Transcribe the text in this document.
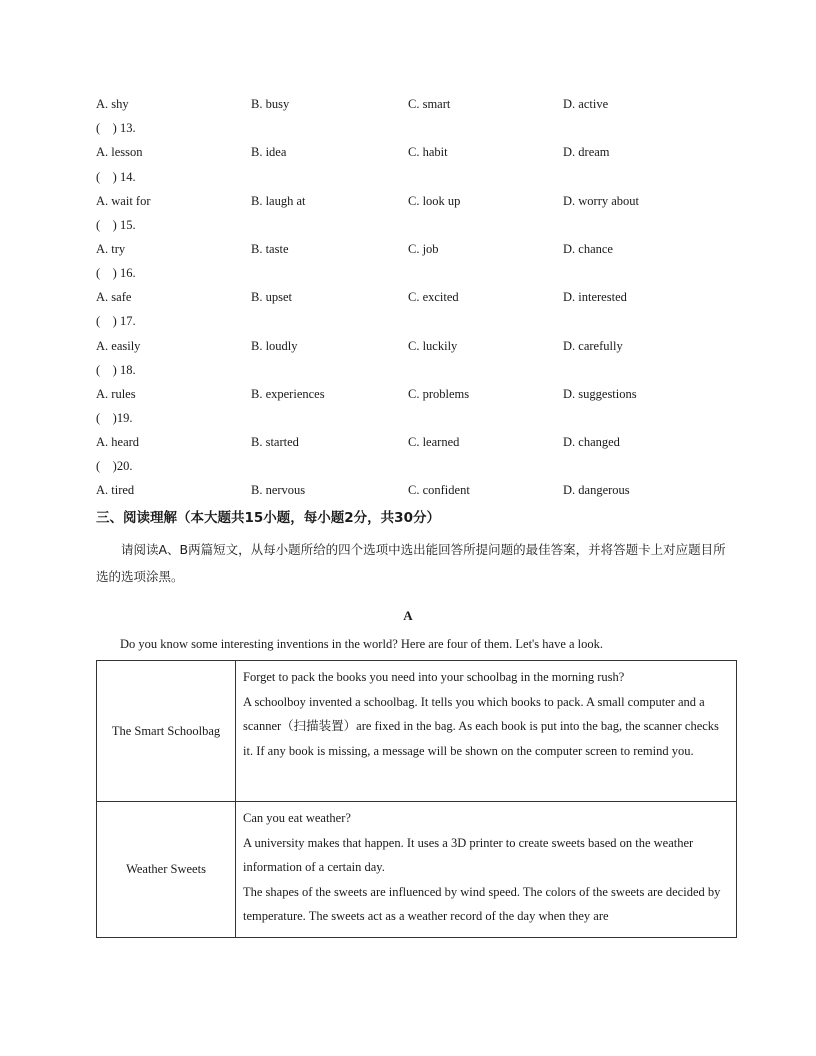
A. shy	B. busy	C. smart	D. active
(    ) 13.
A. lesson	B. idea	C. habit	D. dream
(    ) 14.
A. wait for	B. laugh at	C. look up	D. worry about
(    ) 15.
A. try	B. taste	C. job	D. chance
(    ) 16.
A. safe	B. upset	C. excited	D. interested
(    ) 17.
A. easily	B. loudly	C. luckily	D. carefully
(    ) 18.
A. rules	B. experiences	C. problems	D. suggestions
(    )19.
A. heard	B. started	C. learned	D. changed
(    )20.
A. tired	B. nervous	C. confident	D. dangerous
三、阅读理解（本大题共15小题，每小题2分，共30分）
请阅读A、B两篇短文，从每小题所给的四个选项中选出能回答所提问题的最佳答案，并将答题卡上对应题目所选的选项涂黑。
A
Do you know some interesting inventions in the world? Here are four of them. Let's have a look.
The Smart Schoolbag	Forget to pack the books you need into your schoolbag in the morning rush?

A schoolboy invented a schoolbag. It tells you which books to pack. A small computer and a scanner（扫描装置）are fixed in the bag. As each book is put into the bag, the scanner checks it. If any book is missing, a message will be shown on the computer screen to remind you.

Weather Sweets	Can you eat weather?

A university makes that happen. It uses a 3D printer to create sweets based on the weather information of a certain day.

The shapes of the sweets are influenced by wind speed. The colors of the sweets are decided by temperature. The sweets act as a weather record of the day when they are
